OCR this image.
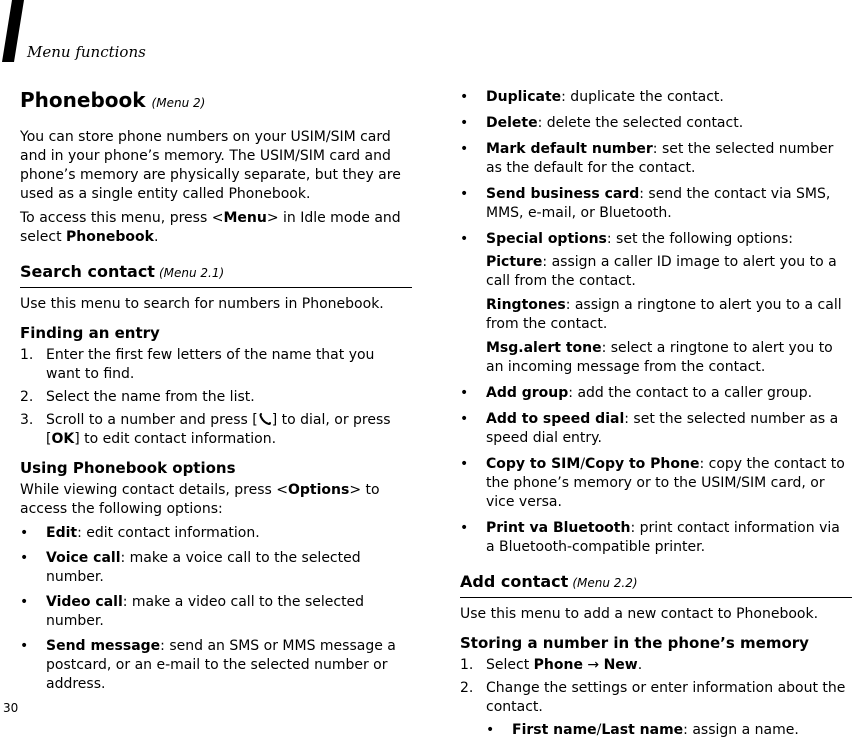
Menu functions
30
Phonebook (Menu 2)

You can store phone numbers on your USIM/SIM card and in your phone’s memory. The USIM/SIM card and phone’s memory are physically separate, but they are used as a single entity called Phonebook.

To access this menu, press <Menu> in Idle mode and select Phonebook.

Search contact (Menu 2.1)

Use this menu to search for numbers in Phonebook.

Finding an entry
1. Enter the first few letters of the name that you want to find.
2. Select the name from the list.
3. Scroll to a number and press [ ] to dial, or press [OK] to edit contact information.
Using Phonebook options

While viewing contact details, press <Options> to access the following options:

• Edit: edit contact information.
• Voice call: make a voice call to the selected number.
• Video call: make a video call to the selected number.
• Send message: send an SMS or MMS message a postcard, or an e-mail to the selected number or address.
• Duplicate: duplicate the contact.
• Delete: delete the selected contact.
• Mark default number: set the selected number as the default for the contact.
• Send business card: send the contact via SMS, MMS, e-mail, or Bluetooth.
• Special options: set the following options:

Picture: assign a caller ID image to alert you to a call from the contact.

Ringtones: assign a ringtone to alert you to a call from the contact.

Msg.alert tone: select a ringtone to alert you to an incoming message from the contact.

• Add group: add the contact to a caller group.
• Add to speed dial: set the selected number as a speed dial entry.
• Copy to SIM/Copy to Phone: copy the contact to the phone’s memory or to the USIM/SIM card, or vice versa.
• Print va Bluetooth: print contact information via a Bluetooth-compatible printer.
Add contact (Menu 2.2)

Use this menu to add a new contact to Phonebook.

Storing a number in the phone’s memory
1. Select Phone → New.
2. Change the settings or enter information about the contact.
• First name/Last name: assign a name.
